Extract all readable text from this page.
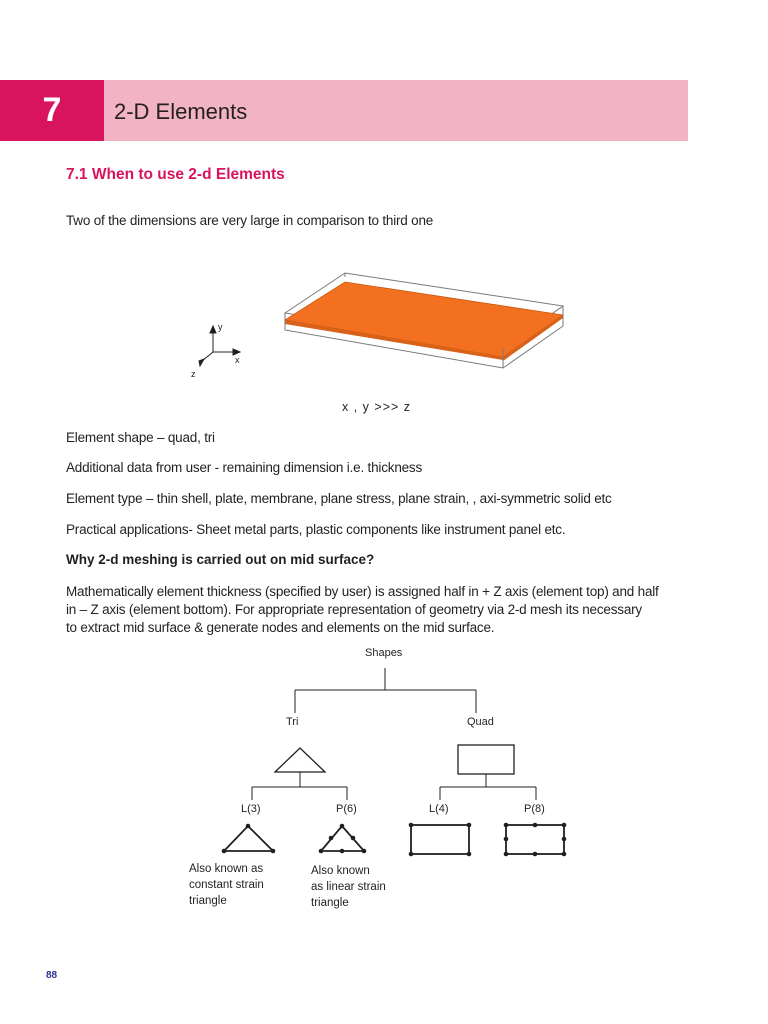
7	2-D Elements
7.1 When to use 2-d Elements
Two of the dimensions are very large in comparison to third one
y
x
z
x , y >>> z
Element shape – quad, tri
Additional data from user - remaining dimension i.e. thickness
Element type – thin shell, plate, membrane, plane stress, plane strain, , axi-symmetric solid etc
Practical applications- Sheet metal parts, plastic components like instrument panel etc.
Why 2-d meshing is carried out on mid surface?
Mathematically element thickness (specified by user) is assigned half in + Z axis (element top) and half
in – Z axis (element bottom). For appropriate representation of geometry via 2-d mesh its necessary
to extract mid surface & generate nodes and elements on the mid surface.
Shapes
Tri	Quad
L(3)	P(6)	L(4)	P(8)
Also known as
constant strain
triangle
Also known
as linear strain
triangle
88
